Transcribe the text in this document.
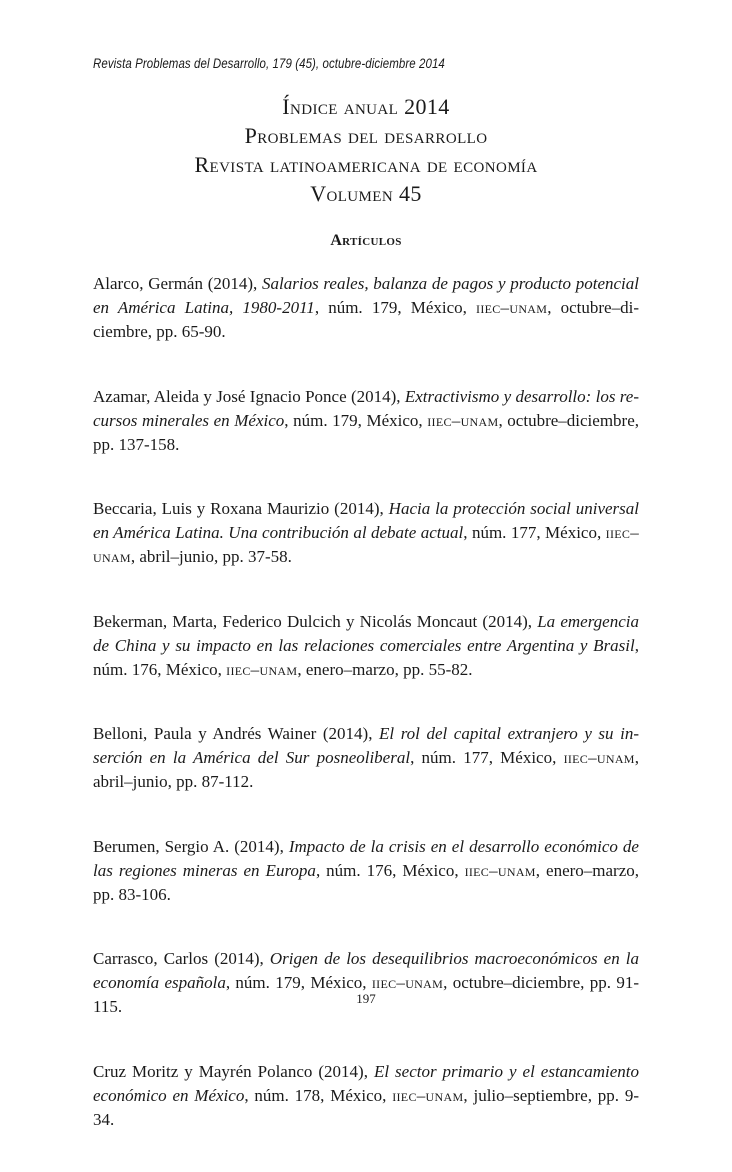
Revista Problemas del Desarrollo, 179 (45), octubre-diciembre 2014
Índice anual 2014
Problemas del desarrollo
Revista latinoamericana de economía
Volumen 45
Artículos

Alarco, Germán (2014), Salarios reales, balanza de pagos y producto potencial en América Latina, 1980-2011, núm. 179, México, iiec–unam, octubre–diciembre, pp. 65-90.

Azamar, Aleida y José Ignacio Ponce (2014), Extractivismo y desarrollo: los recursos minerales en México, núm. 179, México, iiec–unam, octubre–diciembre, pp. 137-158.

Beccaria, Luis y Roxana Maurizio (2014), Hacia la protección social universal en América Latina. Una contribución al debate actual, núm. 177, México, iiec–unam, abril–junio, pp. 37-58.

Bekerman, Marta, Federico Dulcich y Nicolás Moncaut (2014), La emergencia de China y su impacto en las relaciones comerciales entre Argentina y Brasil, núm. 176, México, iiec–unam, enero–marzo, pp. 55-82.

Belloni, Paula y Andrés Wainer (2014), El rol del capital extranjero y su inserción en la América del Sur posneoliberal, núm. 177, México, iiec–unam, abril–junio, pp. 87-112.

Berumen, Sergio A. (2014), Impacto de la crisis en el desarrollo económico de las regiones mineras en Europa, núm. 176, México, iiec–unam, enero–marzo, pp. 83-106.

Carrasco, Carlos (2014), Origen de los desequilibrios macroeconómicos en la economía española, núm. 179, México, iiec–unam, octubre–diciembre, pp. 91-115.

Cruz Moritz y Mayrén Polanco (2014), El sector primario y el estancamiento económico en México, núm. 178, México, iiec–unam, julio–septiembre, pp. 9-34.

197
